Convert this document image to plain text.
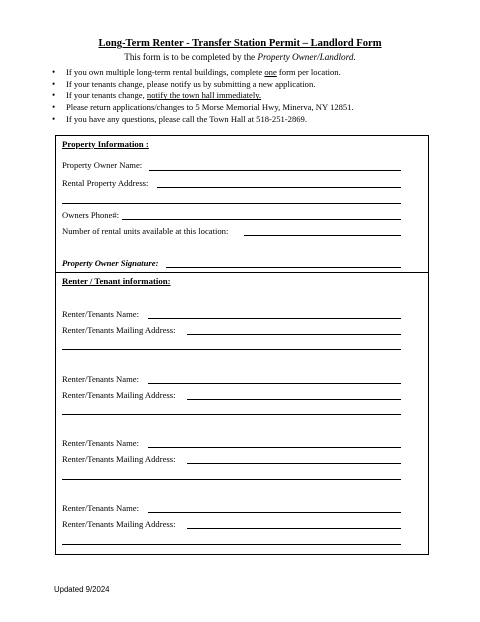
Long-Term Renter - Transfer Station Permit – Landlord Form
This form is to be completed by the Property Owner/Landlord.
• If you own multiple long-term rental buildings, complete one form per location.
• If your tenants change, please notify us by submitting a new application.
• If your tenants change, notify the town hall immediately.
• Please return applications/changes to 5 Morse Memorial Hwy, Minerva, NY 12851.
• If you have any questions, please call the Town Hall at 518-251-2869.
Property Information :
Property Owner Name:
Rental Property Address:
Owners Phone#:
Number of rental units available at this location:
Property Owner Signature:
Renter / Tenant information:
Renter/Tenants Name:
Renter/Tenants Mailing Address:
Renter/Tenants Name:
Renter/Tenants Mailing Address:
Renter/Tenants Name:
Renter/Tenants Mailing Address:
Renter/Tenants Name:
Renter/Tenants Mailing Address:
Updated 9/2024
